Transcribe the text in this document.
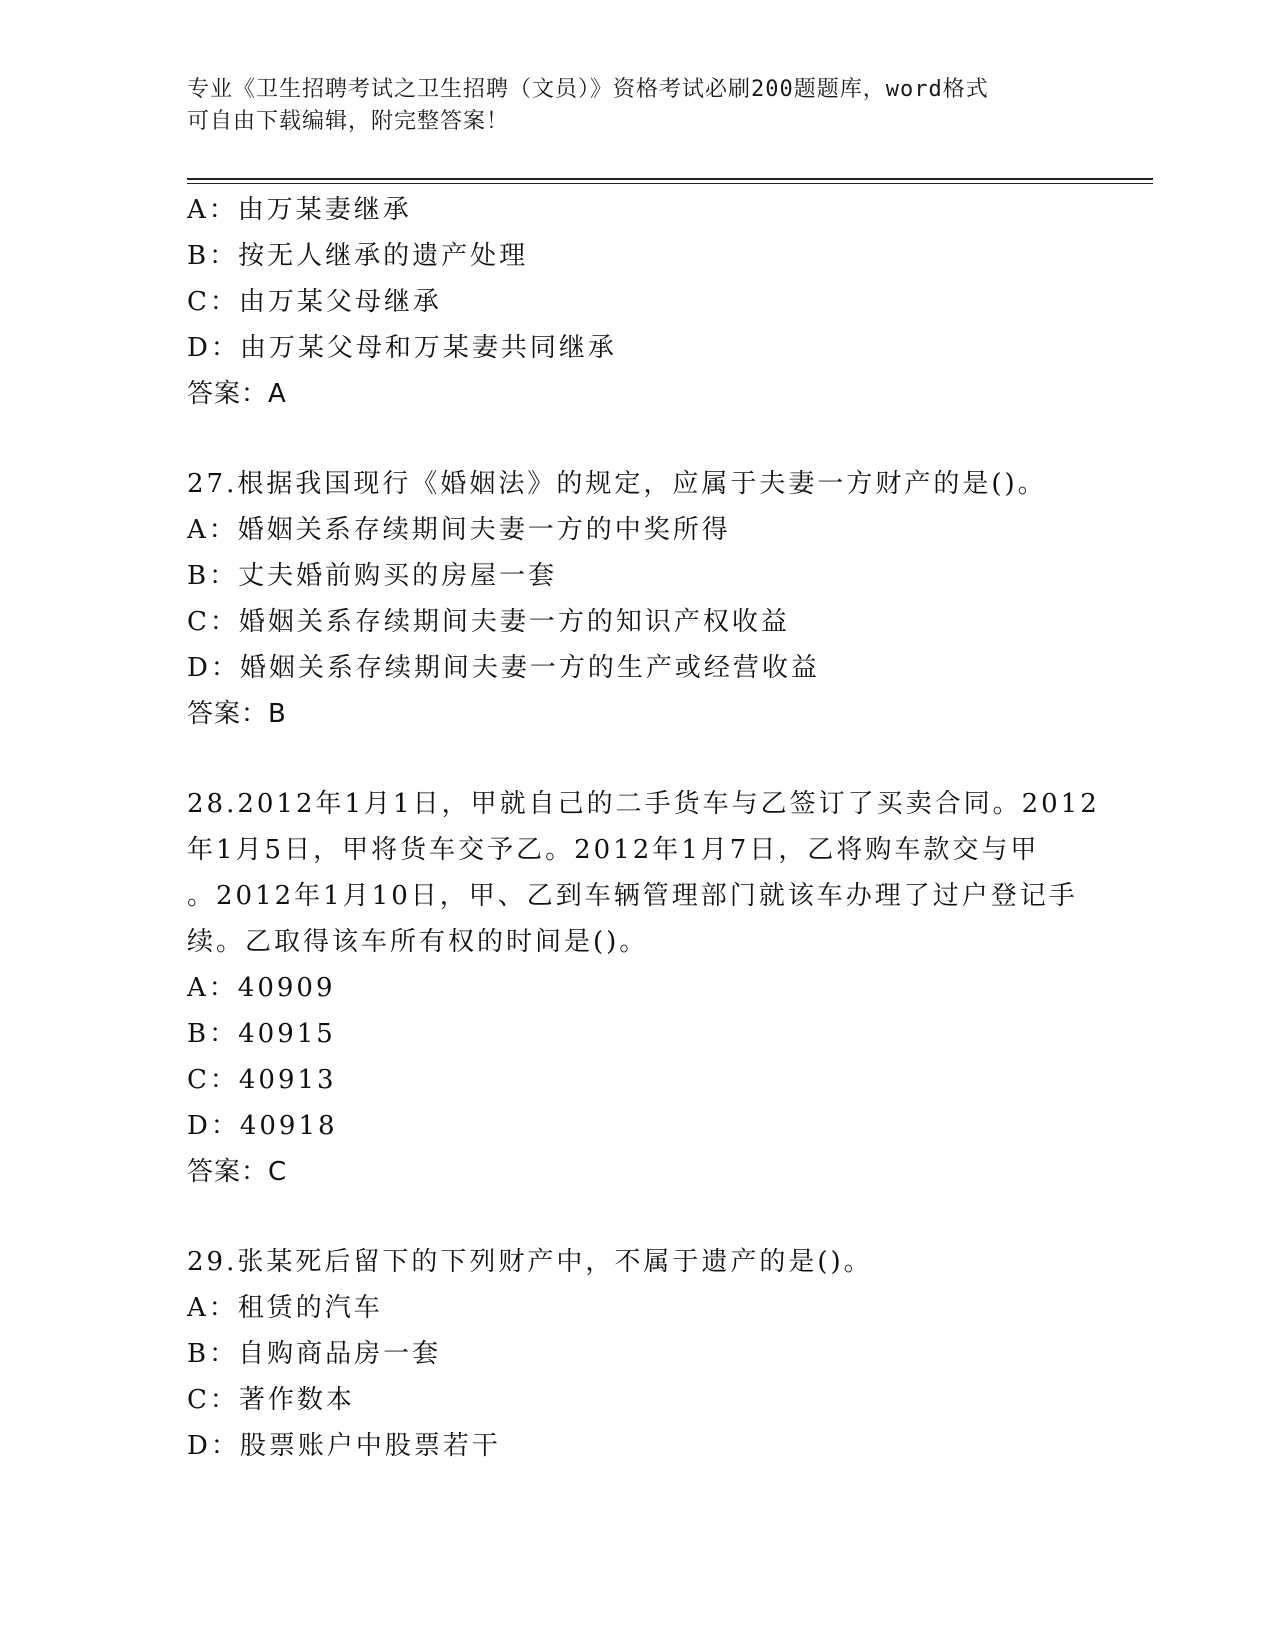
专业《卫生招聘考试之卫生招聘（文员）》资格考试必刷200题题库，word格式
可自由下载编辑，附完整答案！
A：由万某妻继承
B：按无人继承的遗产处理
C：由万某父母继承
D：由万某父母和万某妻共同继承
答案：A
27.根据我国现行《婚姻法》的规定，应属于夫妻一方财产的是()。
A：婚姻关系存续期间夫妻一方的中奖所得
B：丈夫婚前购买的房屋一套
C：婚姻关系存续期间夫妻一方的知识产权收益
D：婚姻关系存续期间夫妻一方的生产或经营收益
答案：B
28.2012年1月1日，甲就自己的二手货车与乙签订了买卖合同。2012
年1月5日，甲将货车交予乙。2012年1月7日，乙将购车款交与甲
。2012年1月10日，甲、乙到车辆管理部门就该车办理了过户登记手
续。乙取得该车所有权的时间是()。
A：40909
B：40915
C：40913
D：40918
答案：C
29.张某死后留下的下列财产中，不属于遗产的是()。
A：租赁的汽车
B：自购商品房一套
C：著作数本
D：股票账户中股票若干
